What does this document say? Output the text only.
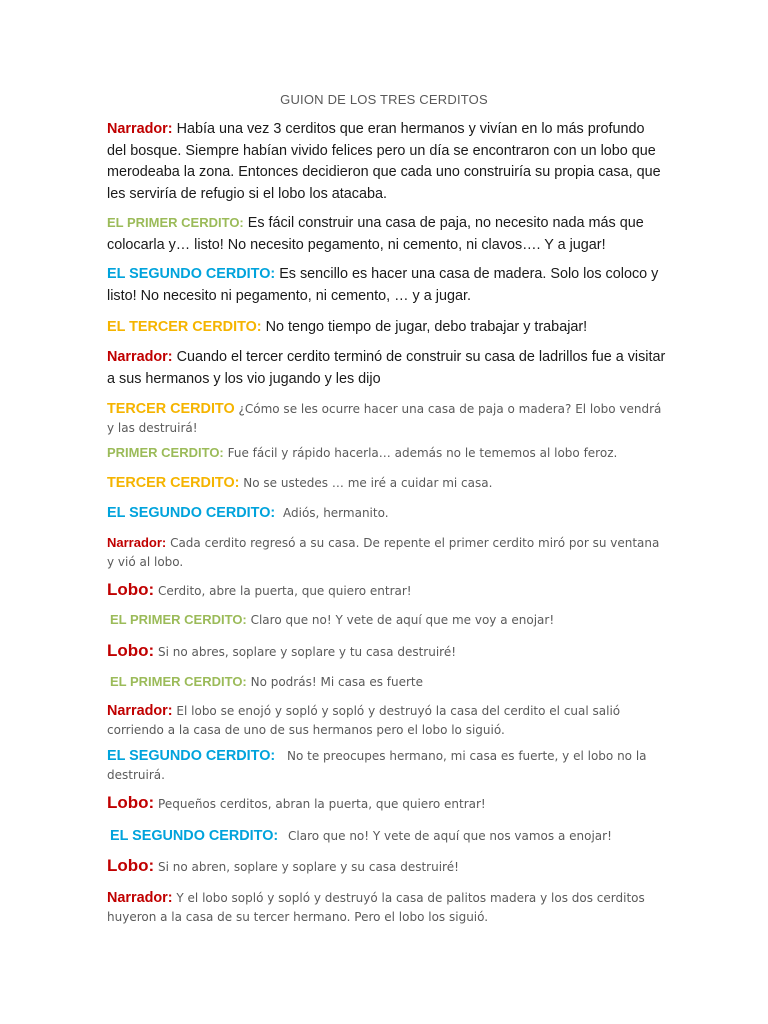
GUION DE LOS TRES CERDITOS

Narrador: Había una vez 3 cerditos que eran hermanos y vivían en lo más profundo del bosque. Siempre habían vivido felices pero un día se encontraron con un lobo que merodeaba la zona. Entonces decidieron que cada uno construiría su propia casa, que les serviría de refugio si el lobo los atacaba.

EL PRIMER CERDITO: Es fácil construir una casa de paja, no necesito nada más que colocarla y… listo! No necesito pegamento, ni cemento, ni clavos…. Y a jugar!

EL SEGUNDO CERDITO: Es sencillo es hacer una casa de madera. Solo los coloco y listo! No necesito ni pegamento, ni cemento, … y a jugar.

EL TERCER CERDITO: No tengo tiempo de jugar, debo trabajar y trabajar!

Narrador: Cuando el tercer cerdito terminó de construir su casa de ladrillos fue a visitar a sus hermanos y los vio jugando y les dijo

TERCER CERDITO ¿Cómo se les ocurre hacer una casa de paja o madera? El lobo vendrá y las destruirá!

PRIMER CERDITO: Fue fácil y rápido hacerla… además no le tememos al lobo feroz.

TERCER CERDITO: No se ustedes … me iré a cuidar mi casa.

EL SEGUNDO CERDITO: Adiós, hermanito.

Narrador: Cada cerdito regresó a su casa. De repente el primer cerdito miró por su ventana y vió al lobo.

Lobo: Cerdito, abre la puerta, que quiero entrar!

EL PRIMER CERDITO: Claro que no! Y vete de aquí que me voy a enojar!

Lobo: Si no abres, soplare y soplare y tu casa destruiré!

EL PRIMER CERDITO: No podrás! Mi casa es fuerte

Narrador: El lobo se enojó y sopló y sopló y destruyó la casa del cerdito el cual salió corriendo a la casa de uno de sus hermanos pero el lobo lo siguió.

EL SEGUNDO CERDITO: No te preocupes hermano, mi casa es fuerte, y el lobo no la destruirá.

Lobo: Pequeños cerditos, abran la puerta, que quiero entrar!

EL SEGUNDO CERDITO: Claro que no! Y vete de aquí que nos vamos a enojar!

Lobo: Si no abren, soplare y soplare y su casa destruiré!

Narrador: Y el lobo sopló y sopló y destruyó la casa de palitos madera y los dos cerditos huyeron a la casa de su tercer hermano. Pero el lobo los siguió.
